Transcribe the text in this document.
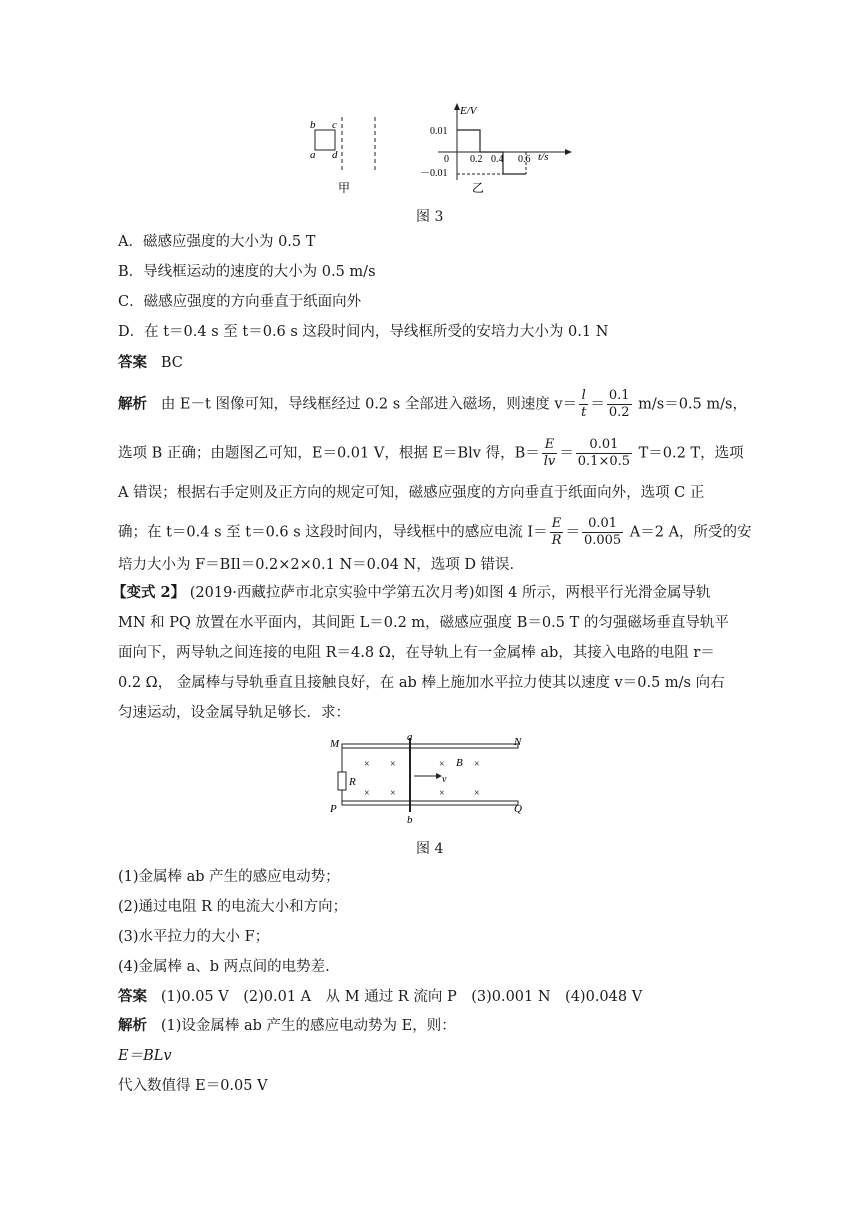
b c
a d
甲
E/V
t/s
0.01
－0.01
0 0.2 0.4 0.6
乙
图 3
A．磁感应强度的大小为 0.5 T
B．导线框运动的速度的大小为 0.5 m/s
C．磁感应强度的方向垂直于纸面向外
D．在 t＝0.4 s 至 t＝0.6 s 这段时间内，导线框所受的安培力大小为 0.1 N
答案 BC
解析 由 E－t 图像可知，导线框经过 0.2 s 全部进入磁场，则速度 $v= \frac{l}{t} = \frac{0.1}{0.2} m/s=0.5$ m/s，
选项 B 正确；由题图乙可知，E＝0.01 V，根据 E＝Blv 得，$B= \frac{E}{lv} = \frac{0.01}{0.1\times 0.5} T=0.2$ T，选项
A 错误；根据右手定则及正方向的规定可知，磁感应强度的方向垂直于纸面向外，选项 C 正
确；在 t＝0.4 s 至 t＝0.6 s 这段时间内，导线框中的感应电流 $I= \frac{E}{R} = \frac{0.01}{0.005} A=2$ A，所受的安
培力大小为 F＝BIl＝0.2×2×0.1 N＝0.04 N，选项 D 错误．
【变式 2】 (2019·西藏拉萨市北京实验中学第五次月考)如图 4 所示，两根平行光滑金属导轨
MN 和 PQ 放置在水平面内，其间距 L＝0.2 m，磁感应强度 B＝0.5 T 的匀强磁场垂直导轨平
面向下，两导轨之间连接的电阻 R＝4.8 Ω，在导轨上有一金属棒 ab，其接入电路的电阻 r＝
0.2 Ω， 金属棒与导轨垂直且接触良好，在 ab 棒上施加水平拉力使其以速度 v＝0.5 m/s 向右
匀速运动，设金属导轨足够长．求：
M	N
P	Q
a
b
R
B
v
× ×	×	×
× ×	×	×
图 4
(1)金属棒 ab 产生的感应电动势；
(2)通过电阻 R 的电流大小和方向；
(3)水平拉力的大小 F；
(4)金属棒 a、b 两点间的电势差.
答案 (1)0.05 V　(2)0.01 A　从 M 通过 R 流向 P　(3)0.001 N　(4)0.048 V
解析 (1)设金属棒 ab 产生的感应电动势为 E，则：
E＝BLv
代入数值得 E＝0.05 V
